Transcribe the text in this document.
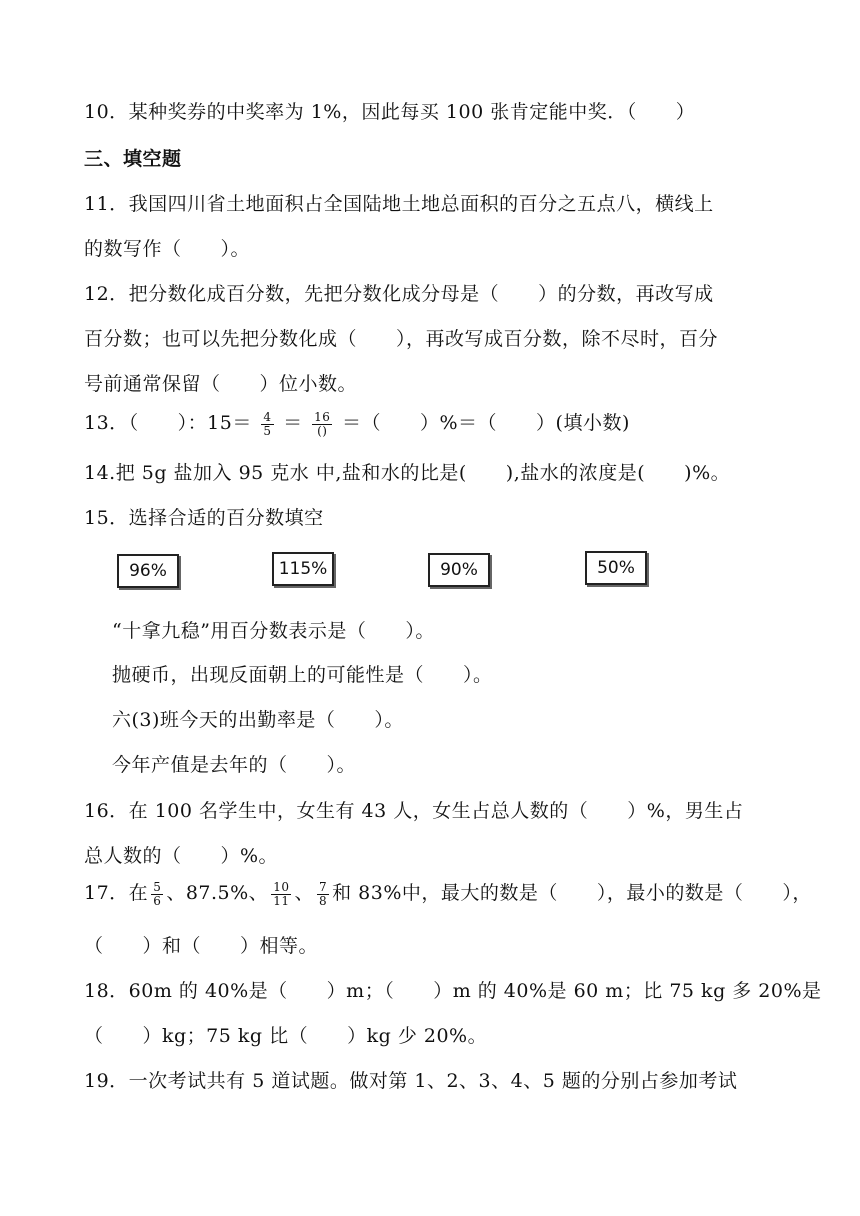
10．某种奖券的中奖率为 1%，因此每买 100 张肯定能中奖．（　　）
三、填空题
11．我国四川省土地面积占全国陆地土地总面积的百分之五点八，横线上
的数写作（　　）。
12．把分数化成百分数，先把分数化成分母是（　　）的分数，再改写成
百分数；也可以先把分数化成（　　），再改写成百分数，除不尽时，百分
号前通常保留（　　）位小数。
13．（　　）：$15= \frac{4}{5} = \frac{16}{()}$ ＝（　　）%＝（　　）(填小数)
14.把 5g 盐加入 95 克水 中,盐和水的比是(　　),盐水的浓度是(　　)%。
15．选择合适的百分数填空
96%	115%	90%	50%
“十拿九稳”用百分数表示是（　　）。
抛硬币，出现反面朝上的可能性是（　　）。
六(3)班今天的出勤率是（　　）。
今年产值是去年的（　　）。
16．在 100 名学生中，女生有 43 人，女生占总人数的（　　）%，男生占
总人数的（　　）%。
17．在 $\frac{5}{6}$ 、87.5%、 $\frac{10}{11}$ 、 $\frac{7}{8}$ 和 83%中，最大的数是（　　），最小的数是（　　），
（　　）和（　　）相等。
18．60m 的 40%是（　　）m；（　　）m 的 40%是 60 m；比 75 kg 多 20%是
（　　）kg；75 kg 比（　　）kg 少 20%。
19．一次考试共有 5 道试题。做对第 1、2、3、4、5 题的分别占参加考试
